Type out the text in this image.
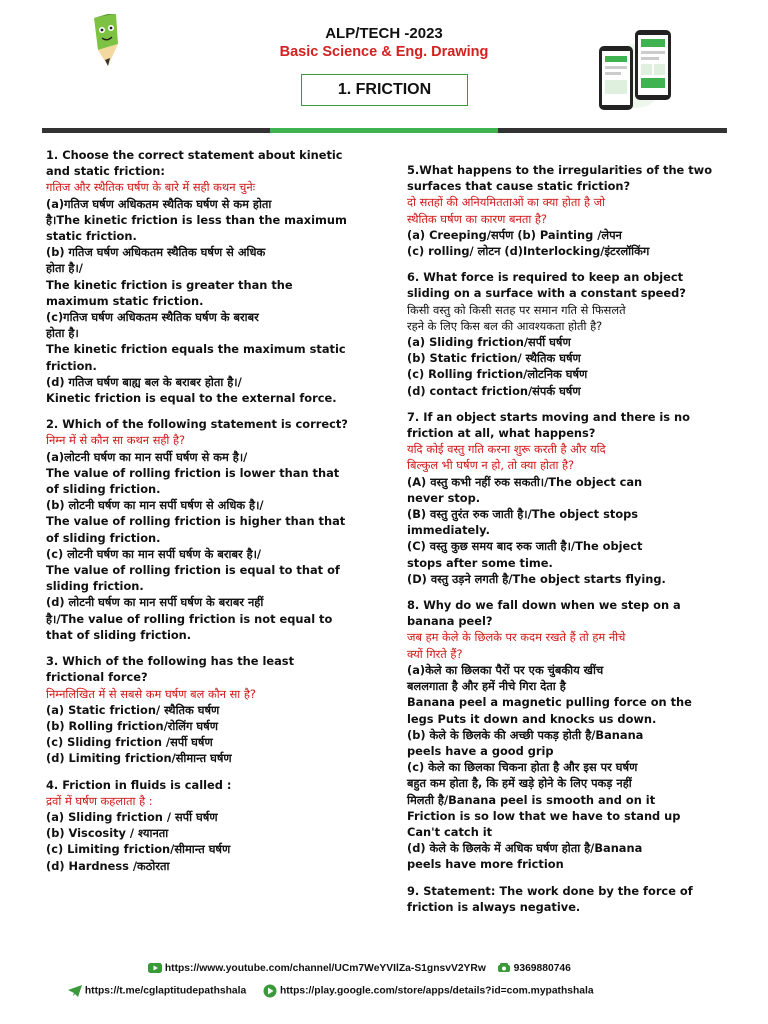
ALP/TECH -2023
Basic Science & Eng. Drawing
1. FRICTION
1. Choose the correct statement about kinetic
and static friction:
गतिज और स्थैतिक घर्षण के बारे में सही कथन चुनेः
(a)गतिज घर्षण अधिकतम स्थैतिक घर्षण से कम होता
है।The kinetic friction is less than the maximum
static friction.
(b) गतिज घर्षण अधिकतम स्थैतिक घर्षण से अधिक
होता है।/
The kinetic friction is greater than the
maximum static friction.
(c)गतिज घर्षण अधिकतम स्थैतिक घर्षण के बराबर
होता है।
The kinetic friction equals the maximum static
friction.
(d) गतिज घर्षण बाह्य बल के बराबर होता है।/
Kinetic friction is equal to the external force.
2. Which of the following statement is correct?
निम्न में से कौन सा कथन सही है?
(a)लोटनी घर्षण का मान सर्पी घर्षण से कम है।/
The value of rolling friction is lower than that
of sliding friction.
(b) लोटनी घर्षण का मान सर्पी घर्षण से अधिक है।/
The value of rolling friction is higher than that
of sliding friction.
(c) लोटनी घर्षण का मान सर्पी घर्षण के बराबर है।/
The value of rolling friction is equal to that of
sliding friction.
(d) लोटनी घर्षण का मान सर्पी घर्षण के बराबर नहीं
है।/The value of rolling friction is not equal to
that of sliding friction.
3. Which of the following has the least
frictional force?
निम्नलिखित में से सबसे कम घर्षण बल कौन सा है?
(a) Static friction/ स्थैतिक घर्षण
(b) Rolling friction/रोलिंग घर्षण
(c) Sliding friction /सर्पी घर्षण
(d) Limiting friction/सीमान्त घर्षण
4. Friction in fluids is called :
द्रवों में घर्षण कहलाता है :
(a) Sliding friction / सर्पी घर्षण
(b) Viscosity / श्यानता
(c) Limiting friction/सीमान्त घर्षण
(d) Hardness /कठोरता
5.What happens to the irregularities of the two
surfaces that cause static friction?
दो सतहों की अनियमितताओं का क्या होता है जो
स्थैतिक घर्षण का कारण बनता है?
(a) Creeping/सर्पण (b) Painting /लेपन
(c) rolling/ लोटन (d)Interlocking/इंटरलॉकिंग
6. What force is required to keep an object
sliding on a surface with a constant speed?
किसी वस्तु को किसी सतह पर समान गति से फिसलते
रहने के लिए किस बल की आवश्यकता होती है?
(a) Sliding friction/सर्पी घर्षण
(b) Static friction/ स्थैतिक घर्षण
(c) Rolling friction/लोटनिक घर्षण
(d) contact friction/संपर्क घर्षण
7. If an object starts moving and there is no
friction at all, what happens?
यदि कोई वस्तु गति करना शुरू करती है और यदि
बिल्कुल भी घर्षण न हो, तो क्या होता है?
(A) वस्तु कभी नहीं रुक सकती।/The object can
never stop.
(B) वस्तु तुरंत रुक जाती है।/The object stops
immediately.
(C) वस्तु कुछ समय बाद रुक जाती है।/The object
stops after some time.
(D) वस्तु उड़ने लगती है/The object starts flying.
8. Why do we fall down when we step on a
banana peel?
जब हम केले के छिलके पर कदम रखते हैं तो हम नीचे
क्यों गिरते हैं?
(a)केले का छिलका पैरों पर एक चुंबकीय खींच
बललगाता है और हमें नीचे गिरा देता है
Banana peel a magnetic pulling force on the
legs Puts it down and knocks us down.
(b) केले के छिलके की अच्छी पकड़ होती है/Banana
peels have a good grip
(c) केले का छिलका चिकना होता है और इस पर घर्षण
बहुत कम होता है, कि हमें खड़े होने के लिए पकड़ नहीं
मिलती है/Banana peel is smooth and on it
Friction is so low that we have to stand up
Can't catch it
(d) केले के छिलके में अधिक घर्षण होता है/Banana
peels have more friction
9. Statement: The work done by the force of
friction is always negative.
https://www.youtube.com/channel/UCm7WeYVIlZa-S1gnsvV2YRw	9369880746
https://t.me/cglaptitudepathshala	https://play.google.com/store/apps/details?id=com.mypathshala
